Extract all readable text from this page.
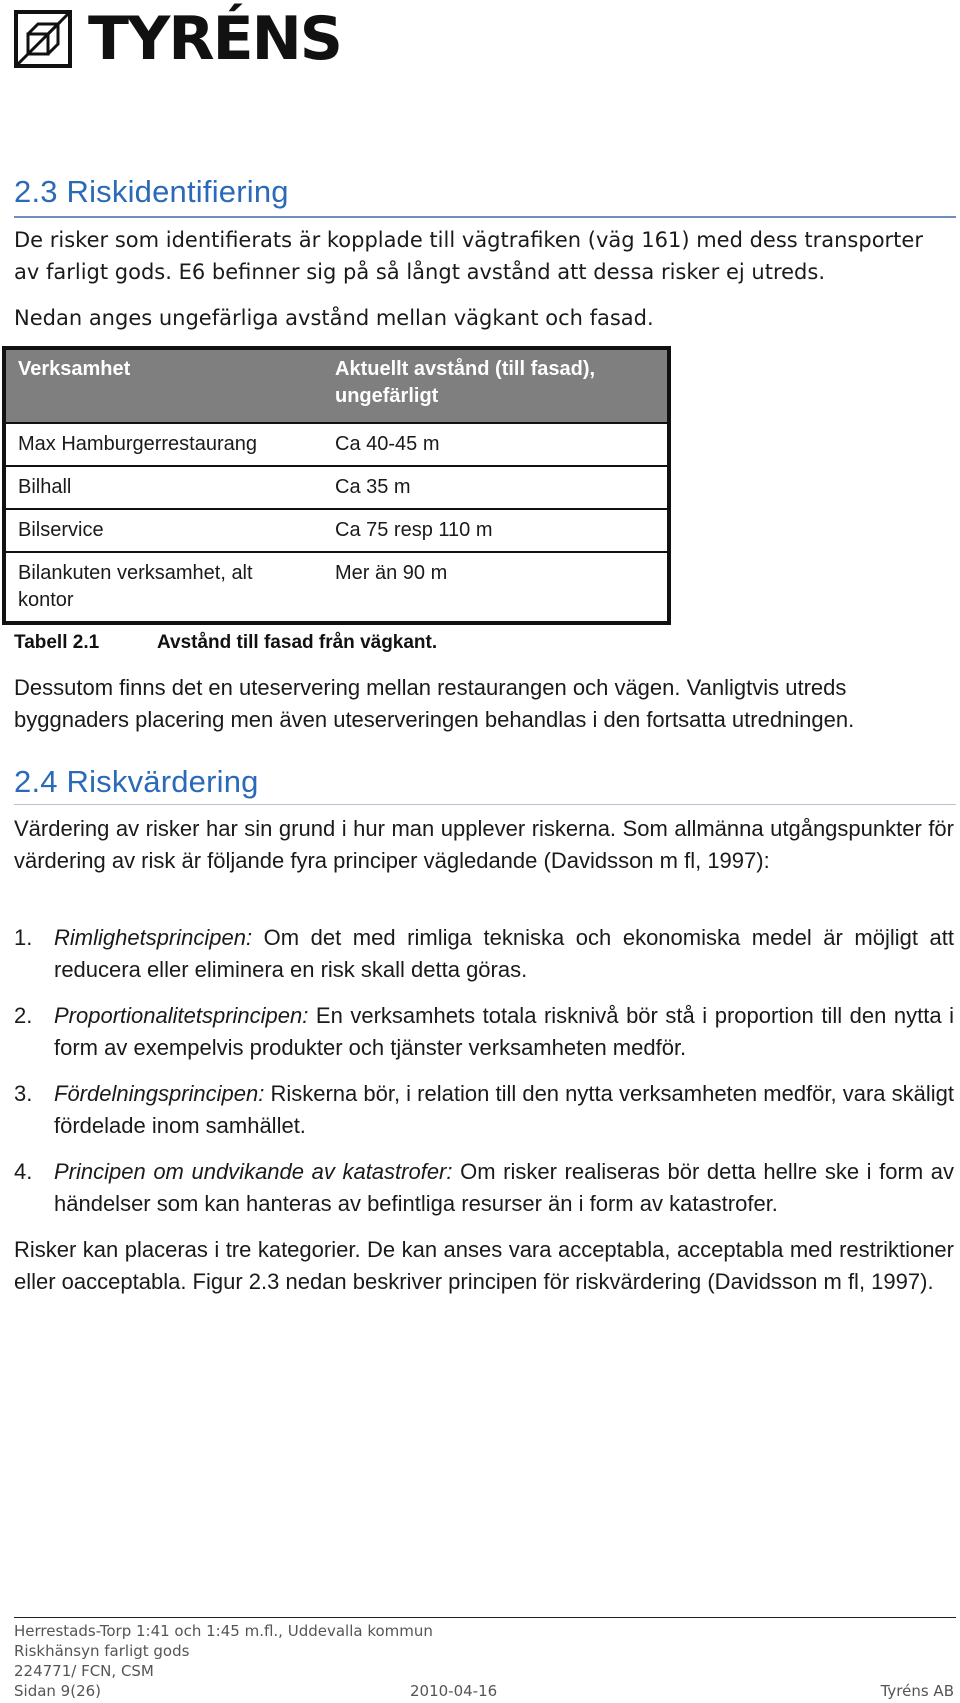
TYRÉNS
2.3 Riskidentifiering
De risker som identifierats är kopplade till vägtrafiken (väg 161) med dess transporter av farligt gods. E6 befinner sig på så långt avstånd att dessa risker ej utreds.
Nedan anges ungefärliga avstånd mellan vägkant och fasad.
Verksamhet	Aktuellt avstånd (till fasad), ungefärligt
Max Hamburgerrestaurang	Ca 40-45 m
Bilhall	Ca 35 m
Bilservice	Ca 75 resp 110 m
Bilankuten verksamhet, alt kontor	Mer än 90 m
Tabell 2.1	Avstånd till fasad från vägkant.
Dessutom finns det en uteservering mellan restaurangen och vägen. Vanligtvis utreds byggnaders placering men även uteserveringen behandlas i den fortsatta utredningen.
2.4 Riskvärdering
Värdering av risker har sin grund i hur man upplever riskerna. Som allmänna utgångspunkter för värdering av risk är följande fyra principer vägledande (Davidsson m fl, 1997):
1. Rimlighetsprincipen: Om det med rimliga tekniska och ekonomiska medel är möjligt att reducera eller eliminera en risk skall detta göras.
2. Proportionalitetsprincipen: En verksamhets totala risknivå bör stå i proportion till den nytta i form av exempelvis produkter och tjänster verksamheten medför.
3. Fördelningsprincipen: Riskerna bör, i relation till den nytta verksamheten medför, vara skäligt fördelade inom samhället.
4. Principen om undvikande av katastrofer: Om risker realiseras bör detta hellre ske i form av händelser som kan hanteras av befintliga resurser än i form av katastrofer.
Risker kan placeras i tre kategorier. De kan anses vara acceptabla, acceptabla med restriktioner eller oacceptabla. Figur 2.3 nedan beskriver principen för riskvärdering (Davidsson m fl, 1997).
Herrestads-Torp 1:41 och 1:45 m.fl., Uddevalla kommun
Riskhänsyn farligt gods
224771/ FCN, CSM
Sidan 9(26)	2010-04-16	Tyréns AB
